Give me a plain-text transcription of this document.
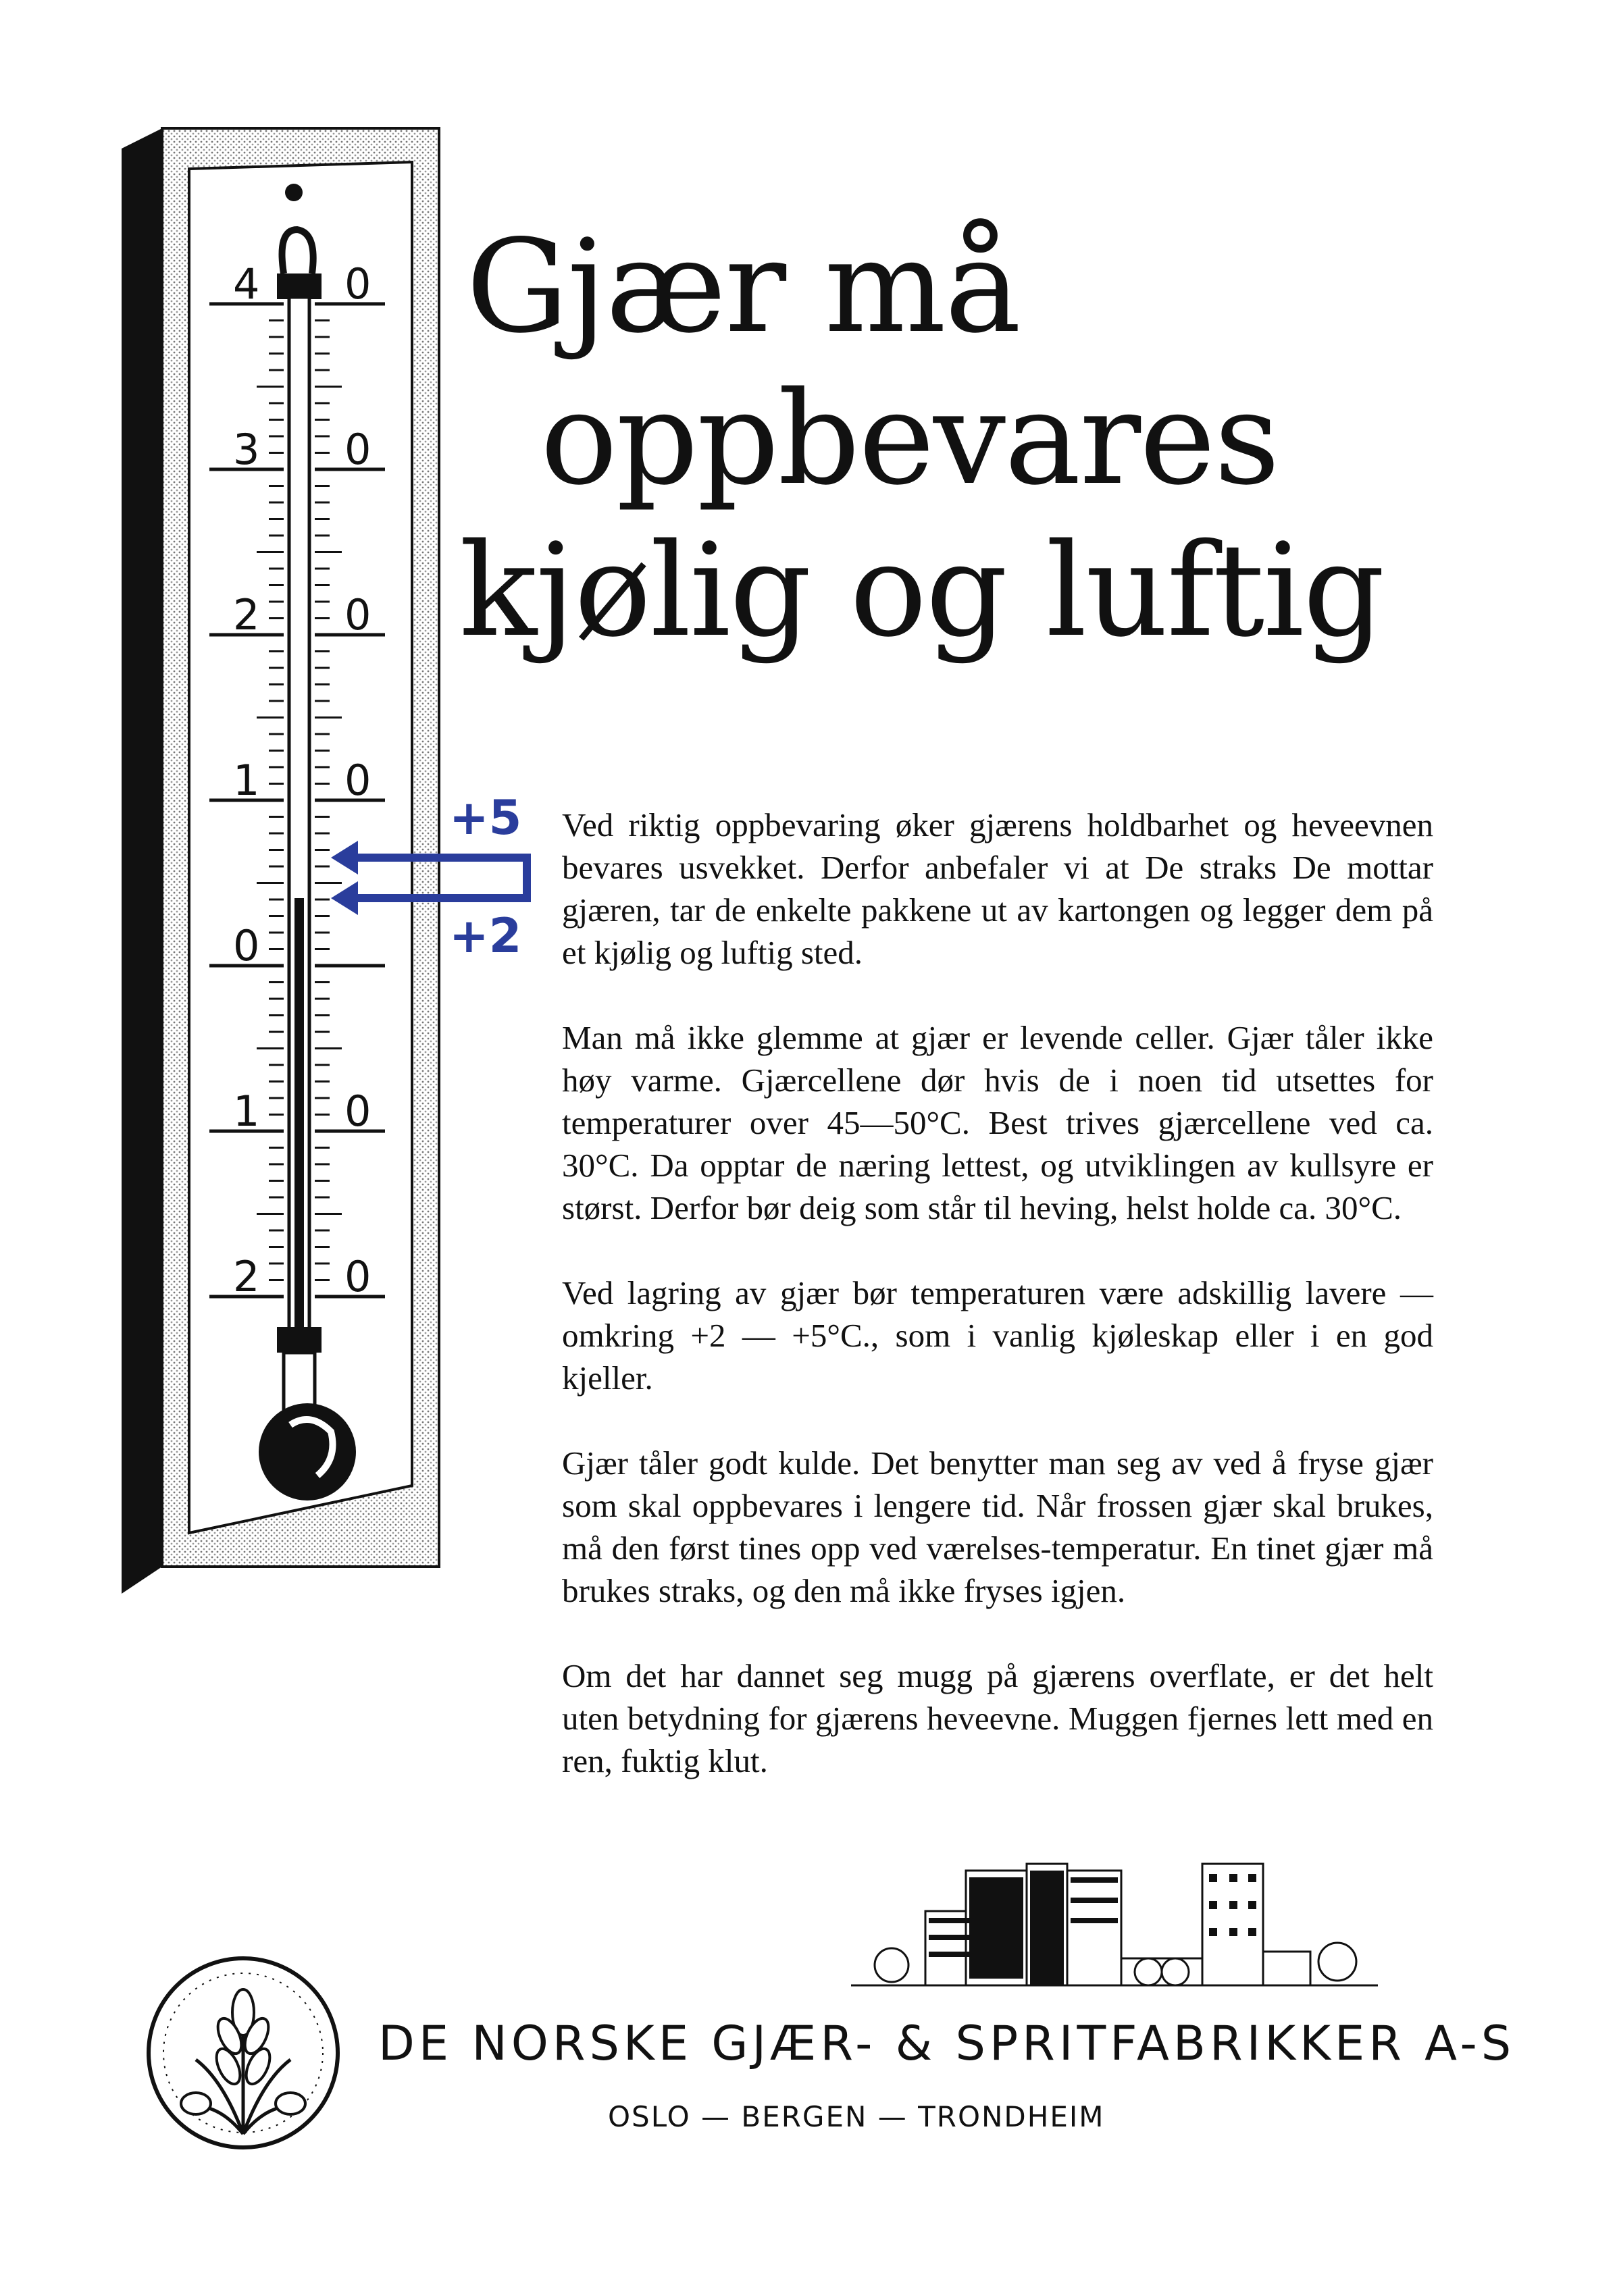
4 0
3 0
2 0
1 0
0
1 0
2 0
+5
+2
Gjær må
oppbevares
kjølig og luftig

Ved riktig oppbevaring øker gjærens holdbarhet og heveevnen bevares usvekket. Derfor anbefaler vi at De straks De mottar gjæren, tar de enkelte pakkene ut av kartongen og legger dem på et kjølig og luftig sted.

Man må ikke glemme at gjær er levende celler. Gjær tåler ikke høy varme. Gjærcellene dør hvis de i noen tid utsettes for temperaturer over 45—50°C. Best trives gjærcellene ved ca. 30°C. Da opptar de næring lettest, og utviklingen av kullsyre er størst. Derfor bør deig som står til heving, helst holde ca. 30°C.

Ved lagring av gjær bør temperaturen være adskillig lavere — omkring +2 — +5°C., som i vanlig kjøleskap eller i en god kjeller.

Gjær tåler godt kulde. Det benytter man seg av ved å fryse gjær som skal oppbevares i lengere tid. Når frossen gjær skal brukes, må den først tines opp ved værelses-temperatur. En tinet gjær må brukes straks, og den må ikke fryses igjen.

Om det har dannet seg mugg på gjærens overflate, er det helt uten betydning for gjærens heveevne. Muggen fjernes lett med en ren, fuktig klut.

DE NORSKE GJÆR- & SPRITFABRIKKER A-S
OSLO — BERGEN — TRONDHEIM
